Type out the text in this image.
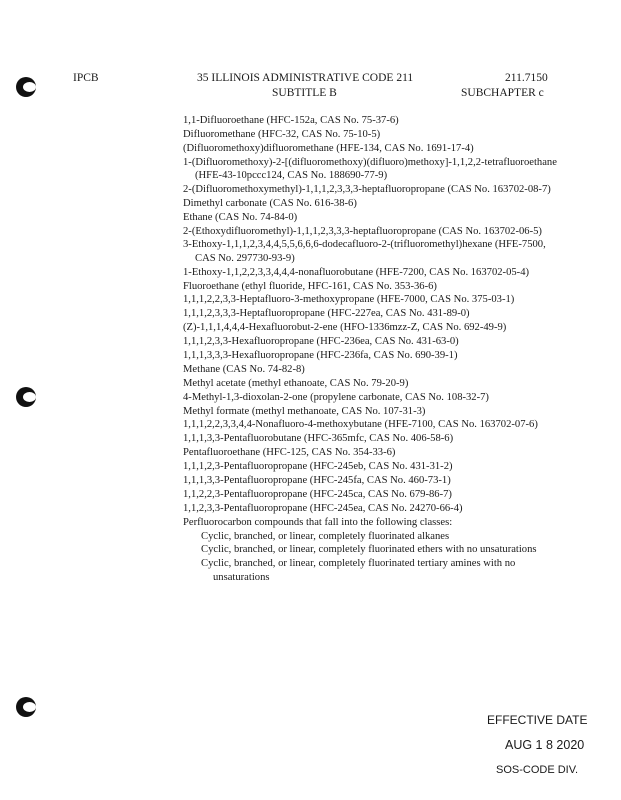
IPCB	35 ILLINOIS ADMINISTRATIVE CODE 211	211.7150
SUBTITLE B	SUBCHAPTER c
1,1-Difluoroethane (HFC-152a, CAS No. 75-37-6)
Difluoromethane (HFC-32, CAS No. 75-10-5)
(Difluoromethoxy)difluoromethane (HFE-134, CAS No. 1691-17-4)
1-(Difluoromethoxy)-2-[(difluoromethoxy)(difluoro)methoxy]-1,1,2,2-tetrafluoroethane (HFE-43-10pccc124, CAS No. 188690-77-9)
2-(Difluoromethoxymethyl)-1,1,1,2,3,3,3-heptafluoropropane (CAS No. 163702-08-7)
Dimethyl carbonate (CAS No. 616-38-6)
Ethane (CAS No. 74-84-0)
2-(Ethoxydifluoromethyl)-1,1,1,2,3,3,3-heptafluoropropane (CAS No. 163702-06-5)
3-Ethoxy-1,1,1,2,3,4,4,5,5,6,6,6-dodecafluoro-2-(trifluoromethyl)hexane (HFE-7500, CAS No. 297730-93-9)
1-Ethoxy-1,1,2,2,3,3,4,4,4-nonafluorobutane (HFE-7200, CAS No. 163702-05-4)
Fluoroethane (ethyl fluoride, HFC-161, CAS No. 353-36-6)
1,1,1,2,2,3,3-Heptafluoro-3-methoxypropane (HFE-7000, CAS No. 375-03-1)
1,1,1,2,3,3,3-Heptafluoropropane (HFC-227ea, CAS No. 431-89-0)
(Z)-1,1,1,4,4,4-Hexafluorobut-2-ene (HFO-1336mzz-Z, CAS No. 692-49-9)
1,1,1,2,3,3-Hexafluoropropane (HFC-236ea, CAS No. 431-63-0)
1,1,1,3,3,3-Hexafluoropropane (HFC-236fa, CAS No. 690-39-1)
Methane (CAS No. 74-82-8)
Methyl acetate (methyl ethanoate, CAS No. 79-20-9)
4-Methyl-1,3-dioxolan-2-one (propylene carbonate, CAS No. 108-32-7)
Methyl formate (methyl methanoate, CAS No. 107-31-3)
1,1,1,2,2,3,3,4,4-Nonafluoro-4-methoxybutane (HFE-7100, CAS No. 163702-07-6)
1,1,1,3,3-Pentafluorobutane (HFC-365mfc, CAS No. 406-58-6)
Pentafluoroethane (HFC-125, CAS No. 354-33-6)
1,1,1,2,3-Pentafluoropropane (HFC-245eb, CAS No. 431-31-2)
1,1,1,3,3-Pentafluoropropane (HFC-245fa, CAS No. 460-73-1)
1,1,2,2,3-Pentafluoropropane (HFC-245ca, CAS No. 679-86-7)
1,1,2,3,3-Pentafluoropropane (HFC-245ea, CAS No. 24270-66-4)
Perfluorocarbon compounds that fall into the following classes:
Cyclic, branched, or linear, completely fluorinated alkanes
Cyclic, branched, or linear, completely fluorinated ethers with no unsaturations
Cyclic, branched, or linear, completely fluorinated tertiary amines with no unsaturations
EFFECTIVE DATE
AUG 1 8 2020
SOS-CODE DIV.
